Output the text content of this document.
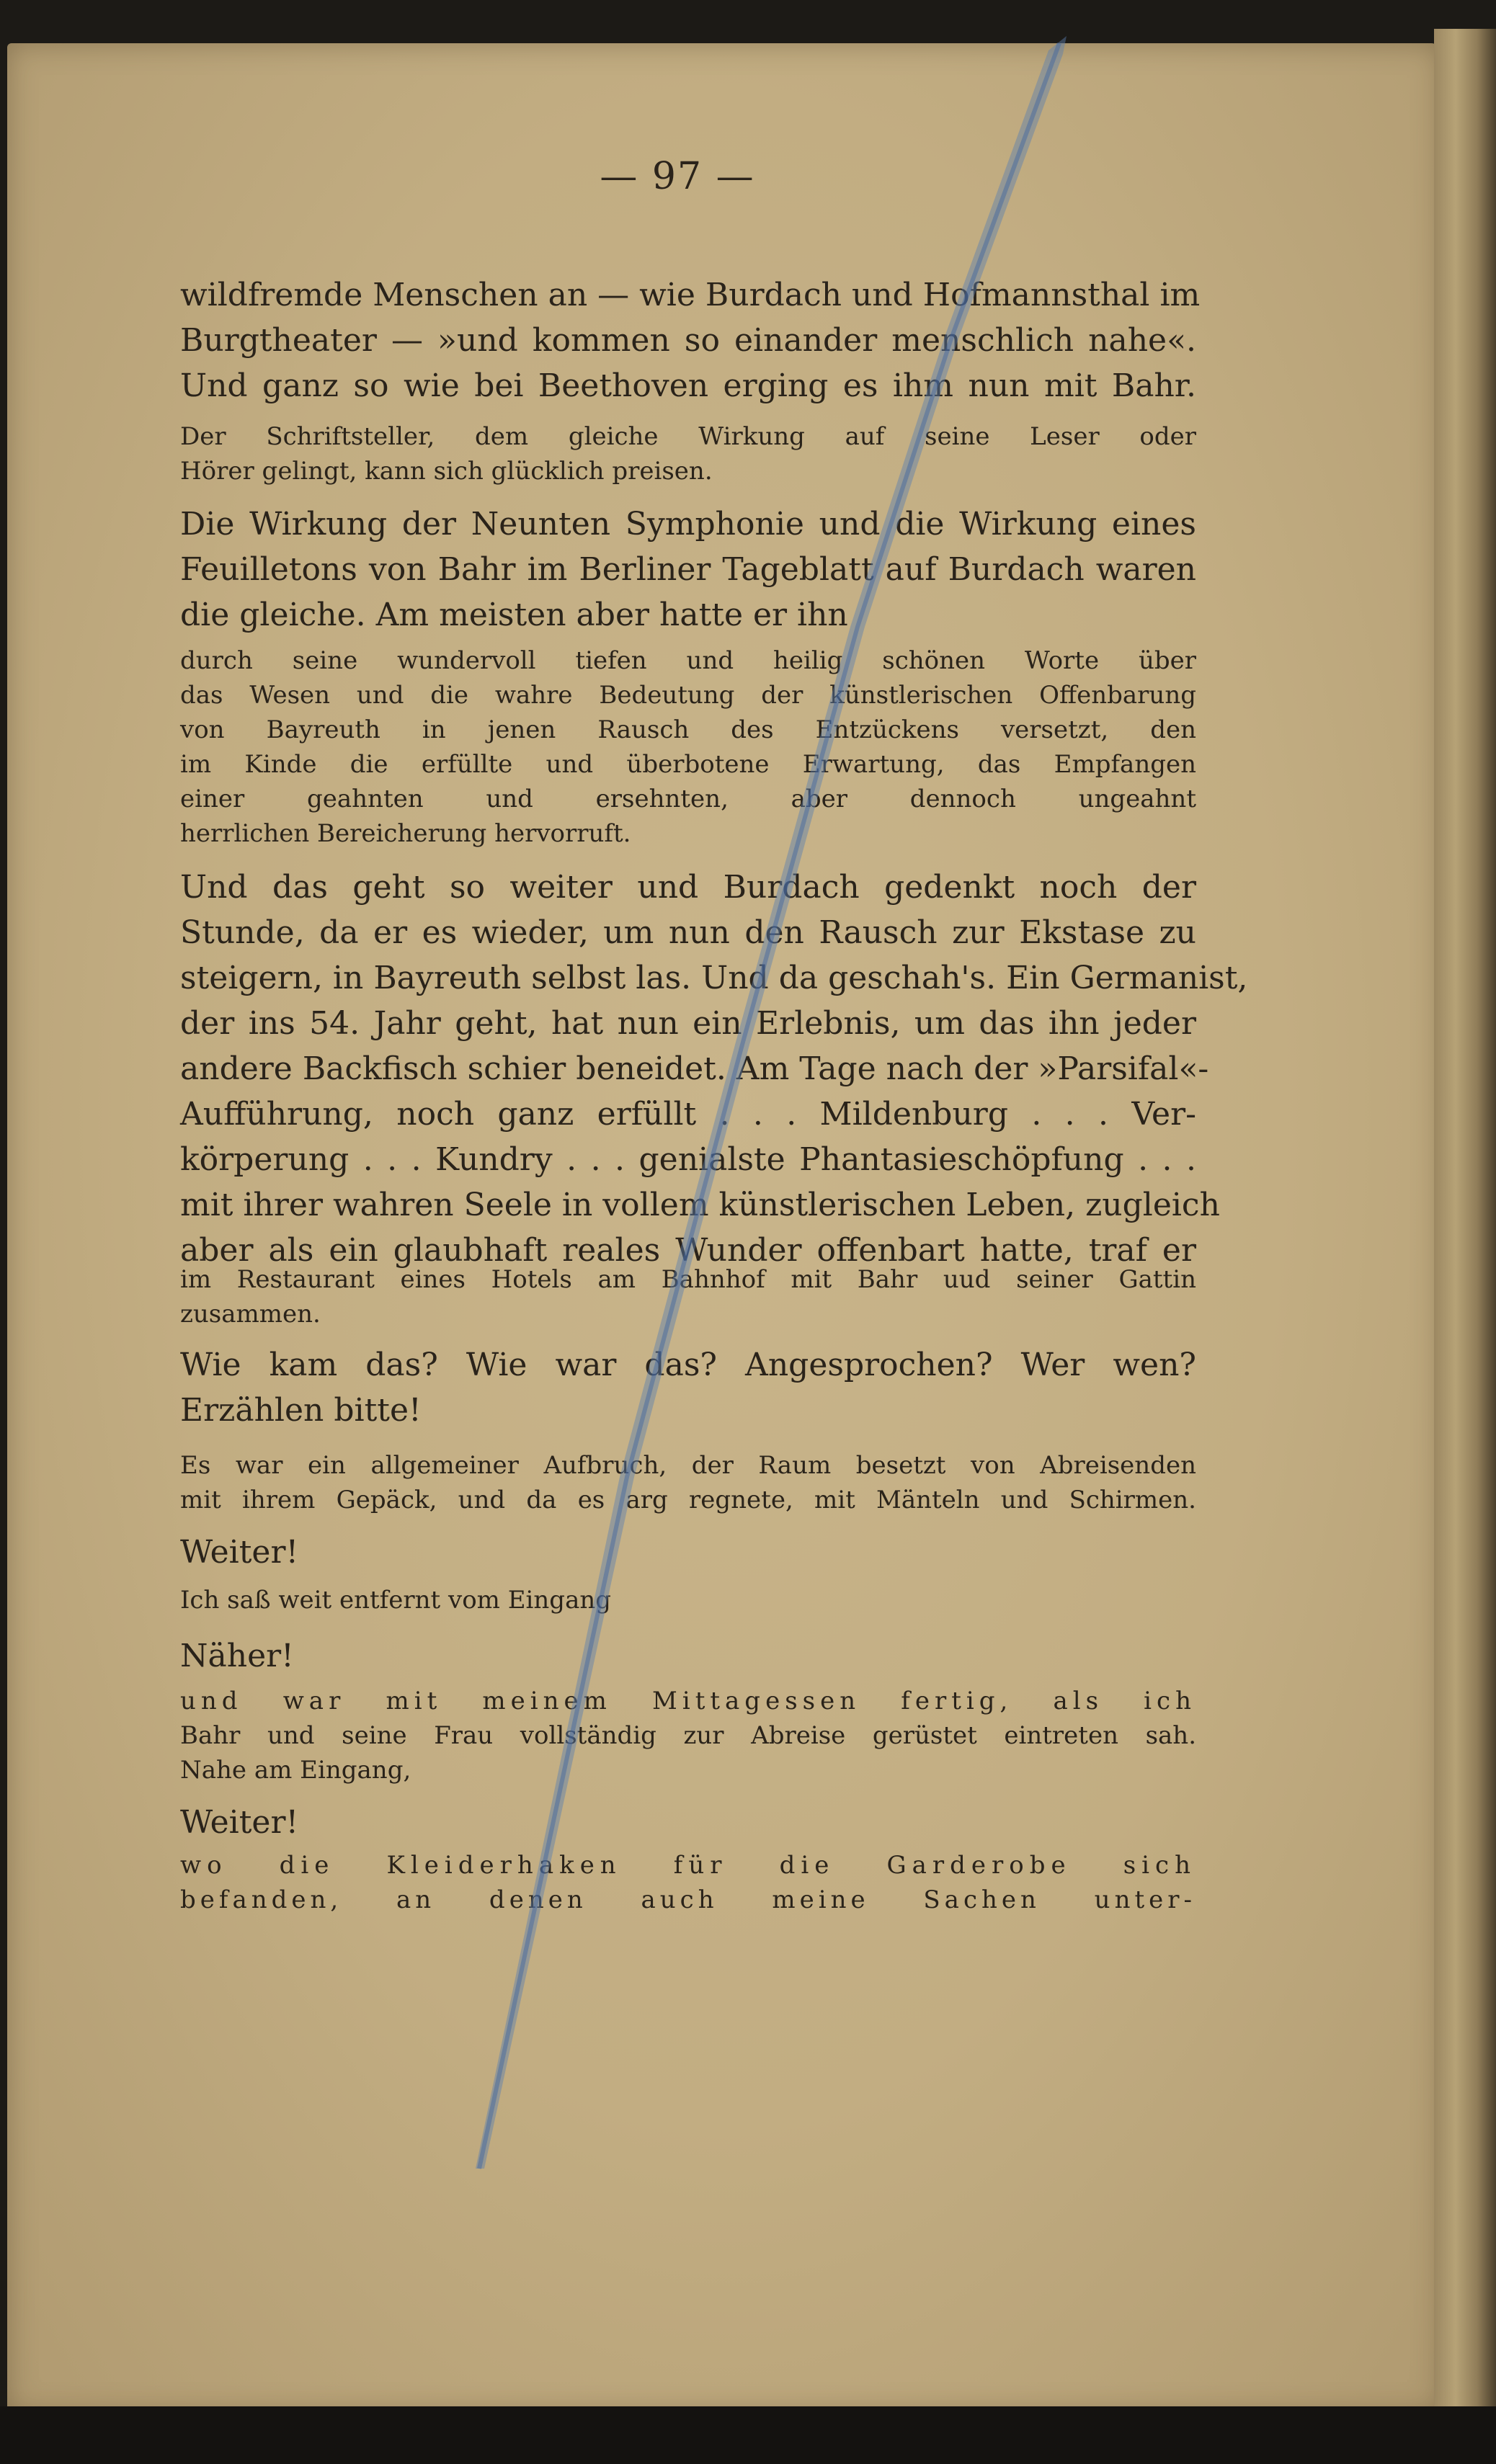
— 97 —
wildfremde Menschen an — wie Burdach und Hofmannsthal im
Burgtheater — »und kommen so einander menschlich nahe«.
Und ganz so wie bei Beethoven erging es ihm nun mit Bahr.
Der Schriftsteller, dem gleiche Wirkung auf seine Leser oder
Hörer gelingt, kann sich glücklich preisen.
Die Wirkung der Neunten Symphonie und die Wirkung eines
Feuilletons von Bahr im Berliner Tageblatt auf Burdach waren
die gleiche. Am meisten aber hatte er ihn
durch seine wundervoll tiefen und heilig schönen Worte über
das Wesen und die wahre Bedeutung der künstlerischen Offenbarung
von Bayreuth in jenen Rausch des Entzückens versetzt, den
im Kinde die erfüllte und überbotene Erwartung, das Empfangen
einer geahnten und ersehnten, aber dennoch ungeahnt
herrlichen Bereicherung hervorruft.
Und das geht so weiter und Burdach gedenkt noch der
Stunde, da er es wieder, um nun den Rausch zur Ekstase zu
steigern, in Bayreuth selbst las. Und da geschah's. Ein Germanist,
der ins 54. Jahr geht, hat nun ein Erlebnis, um das ihn jeder
andere Backfisch schier beneidet. Am Tage nach der »Parsifal«-
Aufführung, noch ganz erfüllt . . . Mildenburg . . . Ver-
körperung . . . Kundry . . . genialste Phantasieschöpfung . . .
mit ihrer wahren Seele in vollem künstlerischen Leben, zugleich
aber als ein glaubhaft reales Wunder offenbart hatte, traf er
im Restaurant eines Hotels am Bahnhof mit Bahr uud seiner Gattin
zusammen.
Wie kam das? Wie war das? Angesprochen? Wer wen?
Erzählen bitte!
Es war ein allgemeiner Aufbruch, der Raum besetzt von Abreisenden
mit ihrem Gepäck, und da es arg regnete, mit Mänteln und Schirmen.
Weiter!
Ich saß weit entfernt vom Eingang
Näher!
und war mit meinem Mittagessen fertig, als ich
Bahr und seine Frau vollständig zur Abreise gerüstet eintreten sah.
Nahe am Eingang,
Weiter!
wo die Kleiderhaken für die Garderobe sich
befanden, an denen auch meine Sachen unter-
